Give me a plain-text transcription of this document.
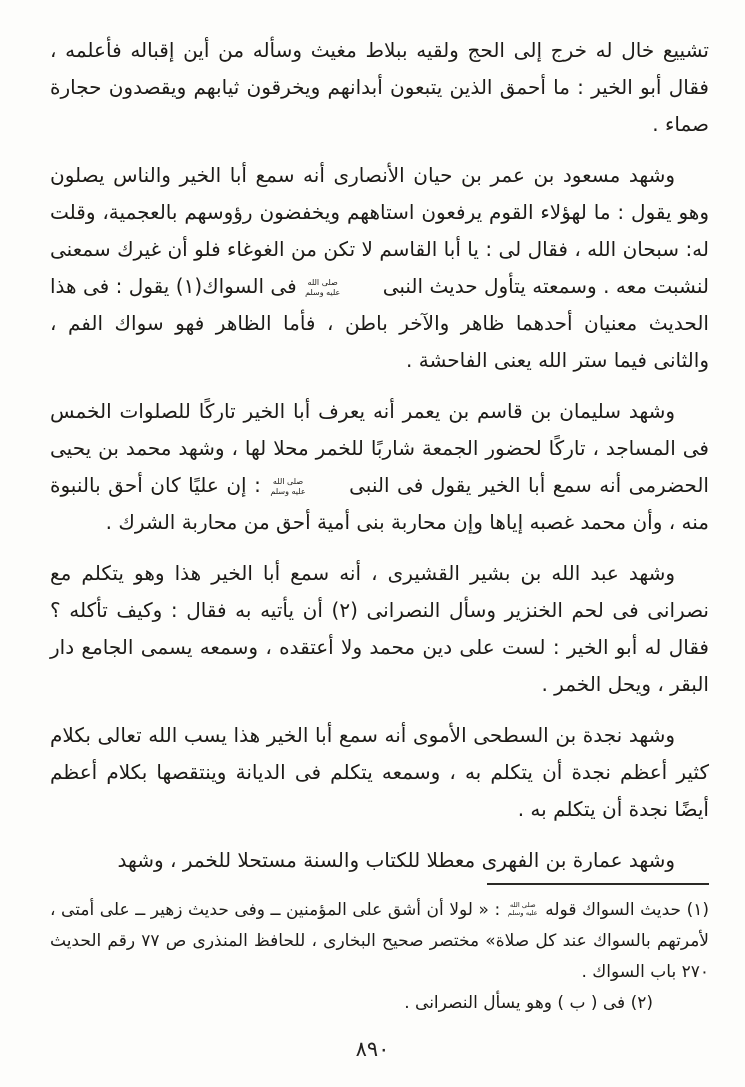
تشييع خال له خرج إلى الحج ولقيه ببلاط مغيث وسأله من أين إقباله فأعلمه ، فقال أبو الخير : ما أحمق الذين يتبعون أبدانهم ويخرقون ثيابهم ويقصدون حجارة صماء .

وشهد مسعود بن عمر بن حيان الأنصارى أنه سمع أبا الخير والناس يصلون وهو يقول : ما لهؤلاء القوم يرفعون استاههم ويخفضون رؤوسهم بالعجمية، وقلت له: سبحان الله ، فقال لى : يا أبا القاسم لا تكن من الغوغاء فلو أن غيرك سمعنى لنشبت معه . وسمعته يتأول حديث النبى
صلى الله
عليه وسلم
فى السواك(١) يقول : فى هذا الحديث معنيان أحدهما ظاهر والآخر باطن ، فأما الظاهر فهو سواك الفم ، والثانى فيما ستر الله يعنى الفاحشة .

وشهد سليمان بن قاسم بن يعمر أنه يعرف أبا الخير تاركًا للصلوات الخمس فى المساجد ، تاركًا لحضور الجمعة شاربًا للخمر محلا لها ، وشهد محمد بن يحيى الحضرمى أنه سمع أبا الخير يقول فى النبى
صلى الله
عليه وسلم
: إن عليًا كان أحق بالنبوة منه ، وأن محمد غصبه إياها وإن محاربة بنى أمية أحق من محاربة الشرك .

وشهد عبد الله بن بشير القشيرى ، أنه سمع أبا الخير هذا وهو يتكلم مع نصرانى فى لحم الخنزير وسأل النصرانى (٢) أن يأتيه به فقال : وكيف تأكله ؟ فقال له أبو الخير : لست على دين محمد ولا أعتقده ، وسمعه يسمى الجامع دار البقر ، ويحل الخمر .

وشهد نجدة بن السطحى الأموى أنه سمع أبا الخير هذا يسب الله تعالى بكلام كثير أعظم نجدة أن يتكلم به ، وسمعه يتكلم فى الديانة وينتقصها بكلام أعظم أيضًا نجدة أن يتكلم به .

وشهد عمارة بن الفهرى معطلا للكتاب والسنة مستحلا للخمر ، وشهد

(١) حديث السواك قوله
صلى الله
عليه وسلم
: « لولا أن أشق على المؤمنين ــ وفى حديث زهير ــ على أمتى ، لأمرتهم بالسواك عند كل صلاة» مختصر صحيح البخارى ، للحافظ المنذرى ص ٧٧ رقم الحديث ٢٧٠ باب السواك .

(٢) فى ( ب ) وهو يسأل النصرانى .

٨٩٠
